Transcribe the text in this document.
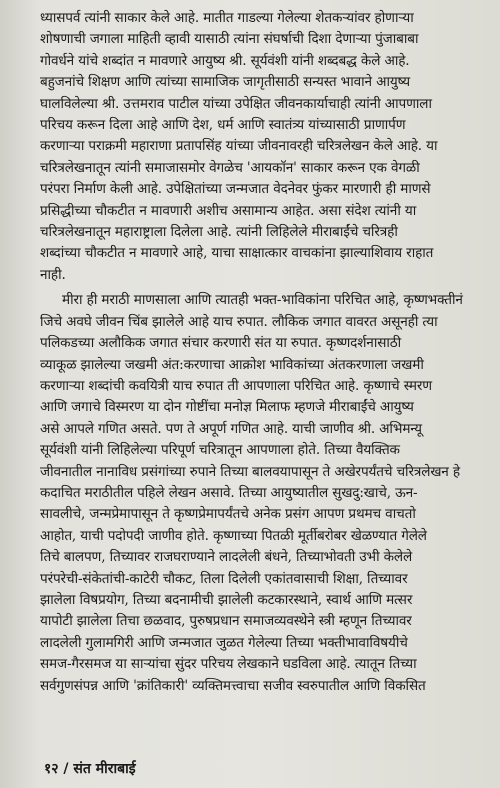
ध्यासपर्व त्यांनी साकार केले आहे. मातीत गाडल्या गेलेल्या शेतकऱ्यांवर होणाऱ्या
शोषणाची जगाला माहिती व्हावी यासाठी त्यांना संघर्षाची दिशा देणाऱ्या पुंजाबाबा
गोवर्धने यांचे शब्दांत न मावणारे आयुष्य श्री. सूर्यवंशी यांनी शब्दबद्ध केले आहे.
बहुजनांचे शिक्षण आणि त्यांच्या सामाजिक जागृतीसाठी सन्यस्त भावाने आयुष्य
घालविलेल्या श्री. उत्तमराव पाटील यांच्या उपेक्षित जीवनकार्याचाही त्यांनी आपणाला
परिचय करून दिला आहे आणि देश, धर्म आणि स्वातंत्र्य यांच्यासाठी प्राणार्पण
करणाऱ्या पराक्रमी महाराणा प्रतापसिंह यांच्या जीवनावरही चरित्रलेखन केले आहे. या
चरित्रलेखनातून त्यांनी समाजासमोर वेगळेच 'आयकॉन' साकार करून एक वेगळी
परंपरा निर्माण केली आहे. उपेक्षितांच्या जन्मजात वेदनेवर फुंकर मारणारी ही माणसे
प्रसिद्धीच्या चौकटीत न मावणारी अशीच असामान्य आहेत. असा संदेश त्यांनी या
चरित्रलेखनातून महाराष्ट्राला दिलेला आहे. त्यांनी लिहिलेले मीराबाईंचे चरित्रही
शब्दांच्या चौकटीत न मावणारे आहे, याचा साक्षात्कार वाचकांना झाल्याशिवाय राहात
नाही.

मीरा ही मराठी माणसाला आणि त्यातही भक्त-भाविकांना परिचित आहे, कृष्णभक्तीनं
जिचे अवघे जीवन चिंब झालेले आहे याच रुपात. लौकिक जगात वावरत असूनही त्या
पलिकडच्या अलौकिक जगात संचार करणारी संत या रुपात. कृष्णदर्शनासाठी
व्याकूळ झालेल्या जखमी अंत:करणाचा आक्रोश भाविकांच्या अंतकरणाला जखमी
करणाऱ्या शब्दांची कवयित्री याच रुपात ती आपणाला परिचित आहे. कृष्णाचे स्मरण
आणि जगाचे विस्मरण या दोन गोष्टींचा मनोज्ञ मिलाफ म्हणजे मीराबाईंचे आयुष्य
असे आपले गणित असते. पण ते अपूर्ण गणित आहे. याची जाणीव श्री. अभिमन्यू
सूर्यवंशी यांनी लिहिलेल्या परिपूर्ण चरित्रातून आपणाला होते. तिच्या वैयक्तिक
जीवनातील नानाविध प्रसंगांच्या रुपाने तिच्या बालवयापासून ते अखेरपर्यंतचे चरित्रलेखन हे
कदाचित मराठीतील पहिले लेखन असावे. तिच्या आयुष्यातील सुखदु:खाचे, ऊन-
सावलीचे, जन्मप्रेमापासून ते कृष्णप्रेमापर्यंतचे अनेक प्रसंग आपण प्रथमच वाचतो
आहोत, याची पदोपदी जाणीव होते. कृष्णाच्या पितळी मूर्तीबरोबर खेळण्यात गेलेले
तिचे बालपण, तिच्यावर राजघराण्याने लादलेली बंधने, तिच्याभोवती उभी केलेले
परंपरेची-संकेतांची-काटेरी चौकट, तिला दिलेली एकांतवासाची शिक्षा, तिच्यावर
झालेला विषप्रयोग, तिच्या बदनामीची झालेली कटकारस्थाने, स्वार्थ आणि मत्सर
यापोटी झालेला तिचा छळवाद, पुरुषप्रधान समाजव्यवस्थेने स्त्री म्हणून तिच्यावर
लादलेली गुलामगिरी आणि जन्मजात जुळत गेलेल्या तिच्या भक्तीभावाविषयीचे
समज-गैरसमज या साऱ्यांचा सुंदर परिचय लेखकाने घडविला आहे. त्यातून तिच्या
सर्वगुणसंपन्न आणि 'क्रांतिकारी' व्यक्तिमत्त्वाचा सजीव स्वरुपातील आणि विकसित

१२ / संत मीराबाई
